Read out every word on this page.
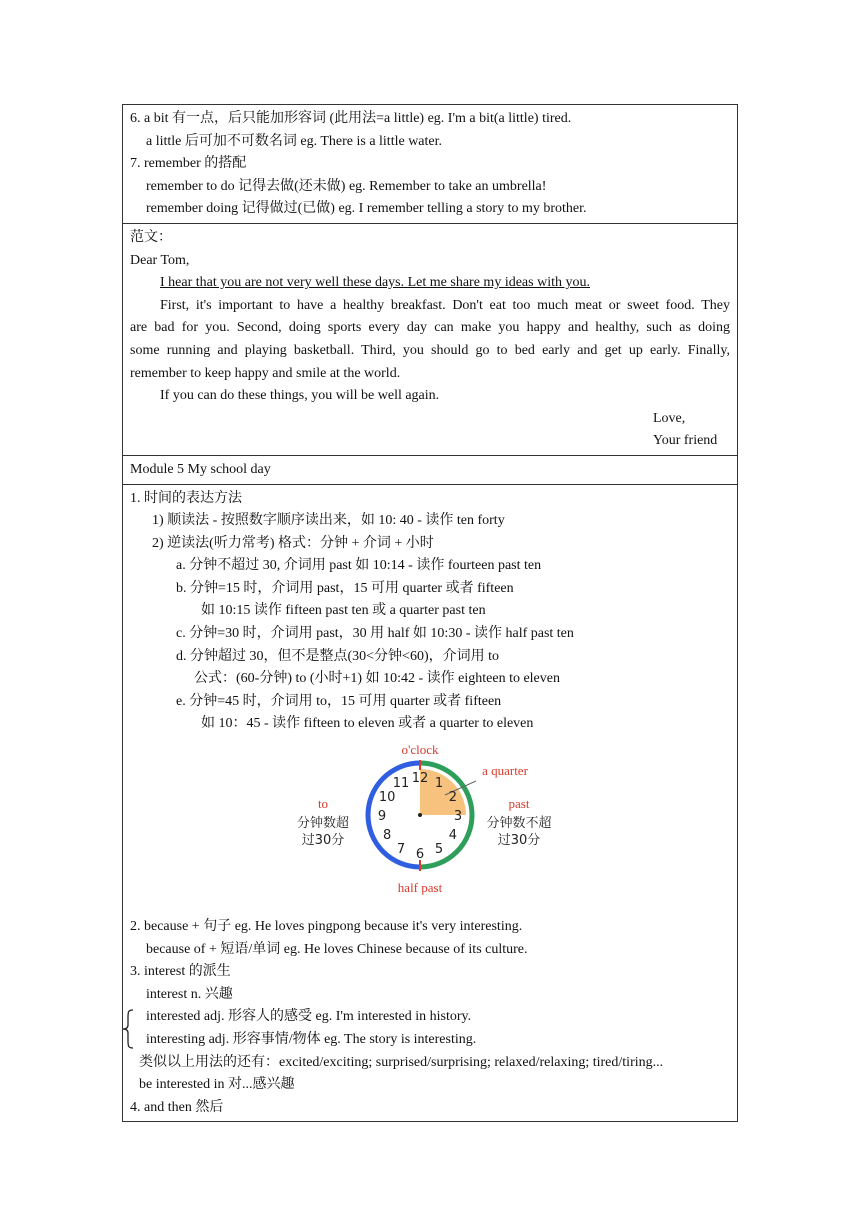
6. a bit 有一点，后只能加形容词 (此用法=a little) eg. I'm a bit(a little) tired.
a little 后可加不可数名词 eg. There is a little water.
7. remember 的搭配
remember to do 记得去做(还未做) eg. Remember to take an umbrella!
remember doing 记得做过(已做) eg. I remember telling a story to my brother.
范文：
Dear Tom,
I hear that you are not very well these days. Let me share my ideas with you.
First, it's important to have a healthy breakfast. Don't eat too much meat or sweet food. They
are bad for you. Second, doing sports every day can make you happy and healthy, such as doing
some running and playing basketball. Third, you should go to bed early and get up early. Finally,
remember to keep happy and smile at the world.
If you can do these things, you will be well again.
Love,
Your friend
Module 5 My school day
1. 时间的表达方法
1) 顺读法 - 按照数字顺序读出来，如 10: 40 - 读作 ten forty
2) 逆读法(听力常考) 格式：分钟 + 介词 + 小时
a. 分钟不超过 30, 介词用 past 如 10:14 - 读作 fourteen past ten
b. 分钟=15 时，介词用 past，15 可用 quarter 或者 fifteen
如 10:15 读作 fifteen past ten 或 a quarter past ten
c. 分钟=30 时，介词用 past，30 用 half 如 10:30 - 读作 half past ten
d. 分钟超过 30，但不是整点(30<分钟<60)，介词用 to
公式：(60-分钟) to (小时+1) 如 10:42 - 读作 eighteen to eleven
e. 分钟=45 时，介词用 to，15 可用 quarter 或者 fifteen
如 10：45 - 读作 fifteen to eleven 或者 a quarter to eleven
12 1
2
3
4
5
6
7
8
9
10
11
o'clock
a quarter
to
分钟数超
过30分
past
分钟数不超
过30分
half past
2. because + 句子 eg. He loves pingpong because it's very interesting.
because of + 短语/单词 eg. He loves Chinese because of its culture.
3. interest 的派生
interest n. 兴趣
interested adj. 形容人的感受 eg. I'm interested in history.
interesting adj. 形容事情/物体 eg. The story is interesting.
类似以上用法的还有：excited/exciting; surprised/surprising; relaxed/relaxing; tired/tiring...
be interested in 对...感兴趣
4. and then 然后
